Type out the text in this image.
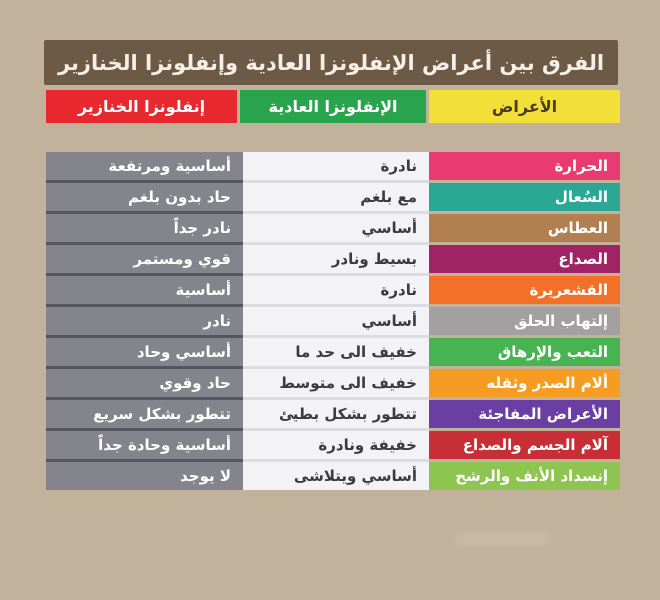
الفرق بين أعراض الإنفلونزا العادية وإنفلونزا الخنازير
الأعراض
الإنفلونزا العادية
إنفلونزا الخنازير
الحرارة
نادرة
أساسية ومرتفعة
السُعال
مع بلغم
حاد بدون بلغم
العطاس
أساسي
نادر جداً
الصداع
بسيط ونادر
قوي ومستمر
القشعريرة
نادرة
أساسية
إلتهاب الحلق
أساسي
نادر
التعب والإرهاق
خفيف الى حد ما
أساسي وحاد
ألام الصدر وثقله
خفيف الى متوسط
حاد وقوي
الأعراض المفاجئة
تتطور بشكل بطيئ
تتطور بشكل سريع
آلام الجسم والصداع
خفيفة ونادرة
أساسية وحادة جداً
إنسداد الأنف والرشح
أساسي ويتلاشى
لا يوجد
